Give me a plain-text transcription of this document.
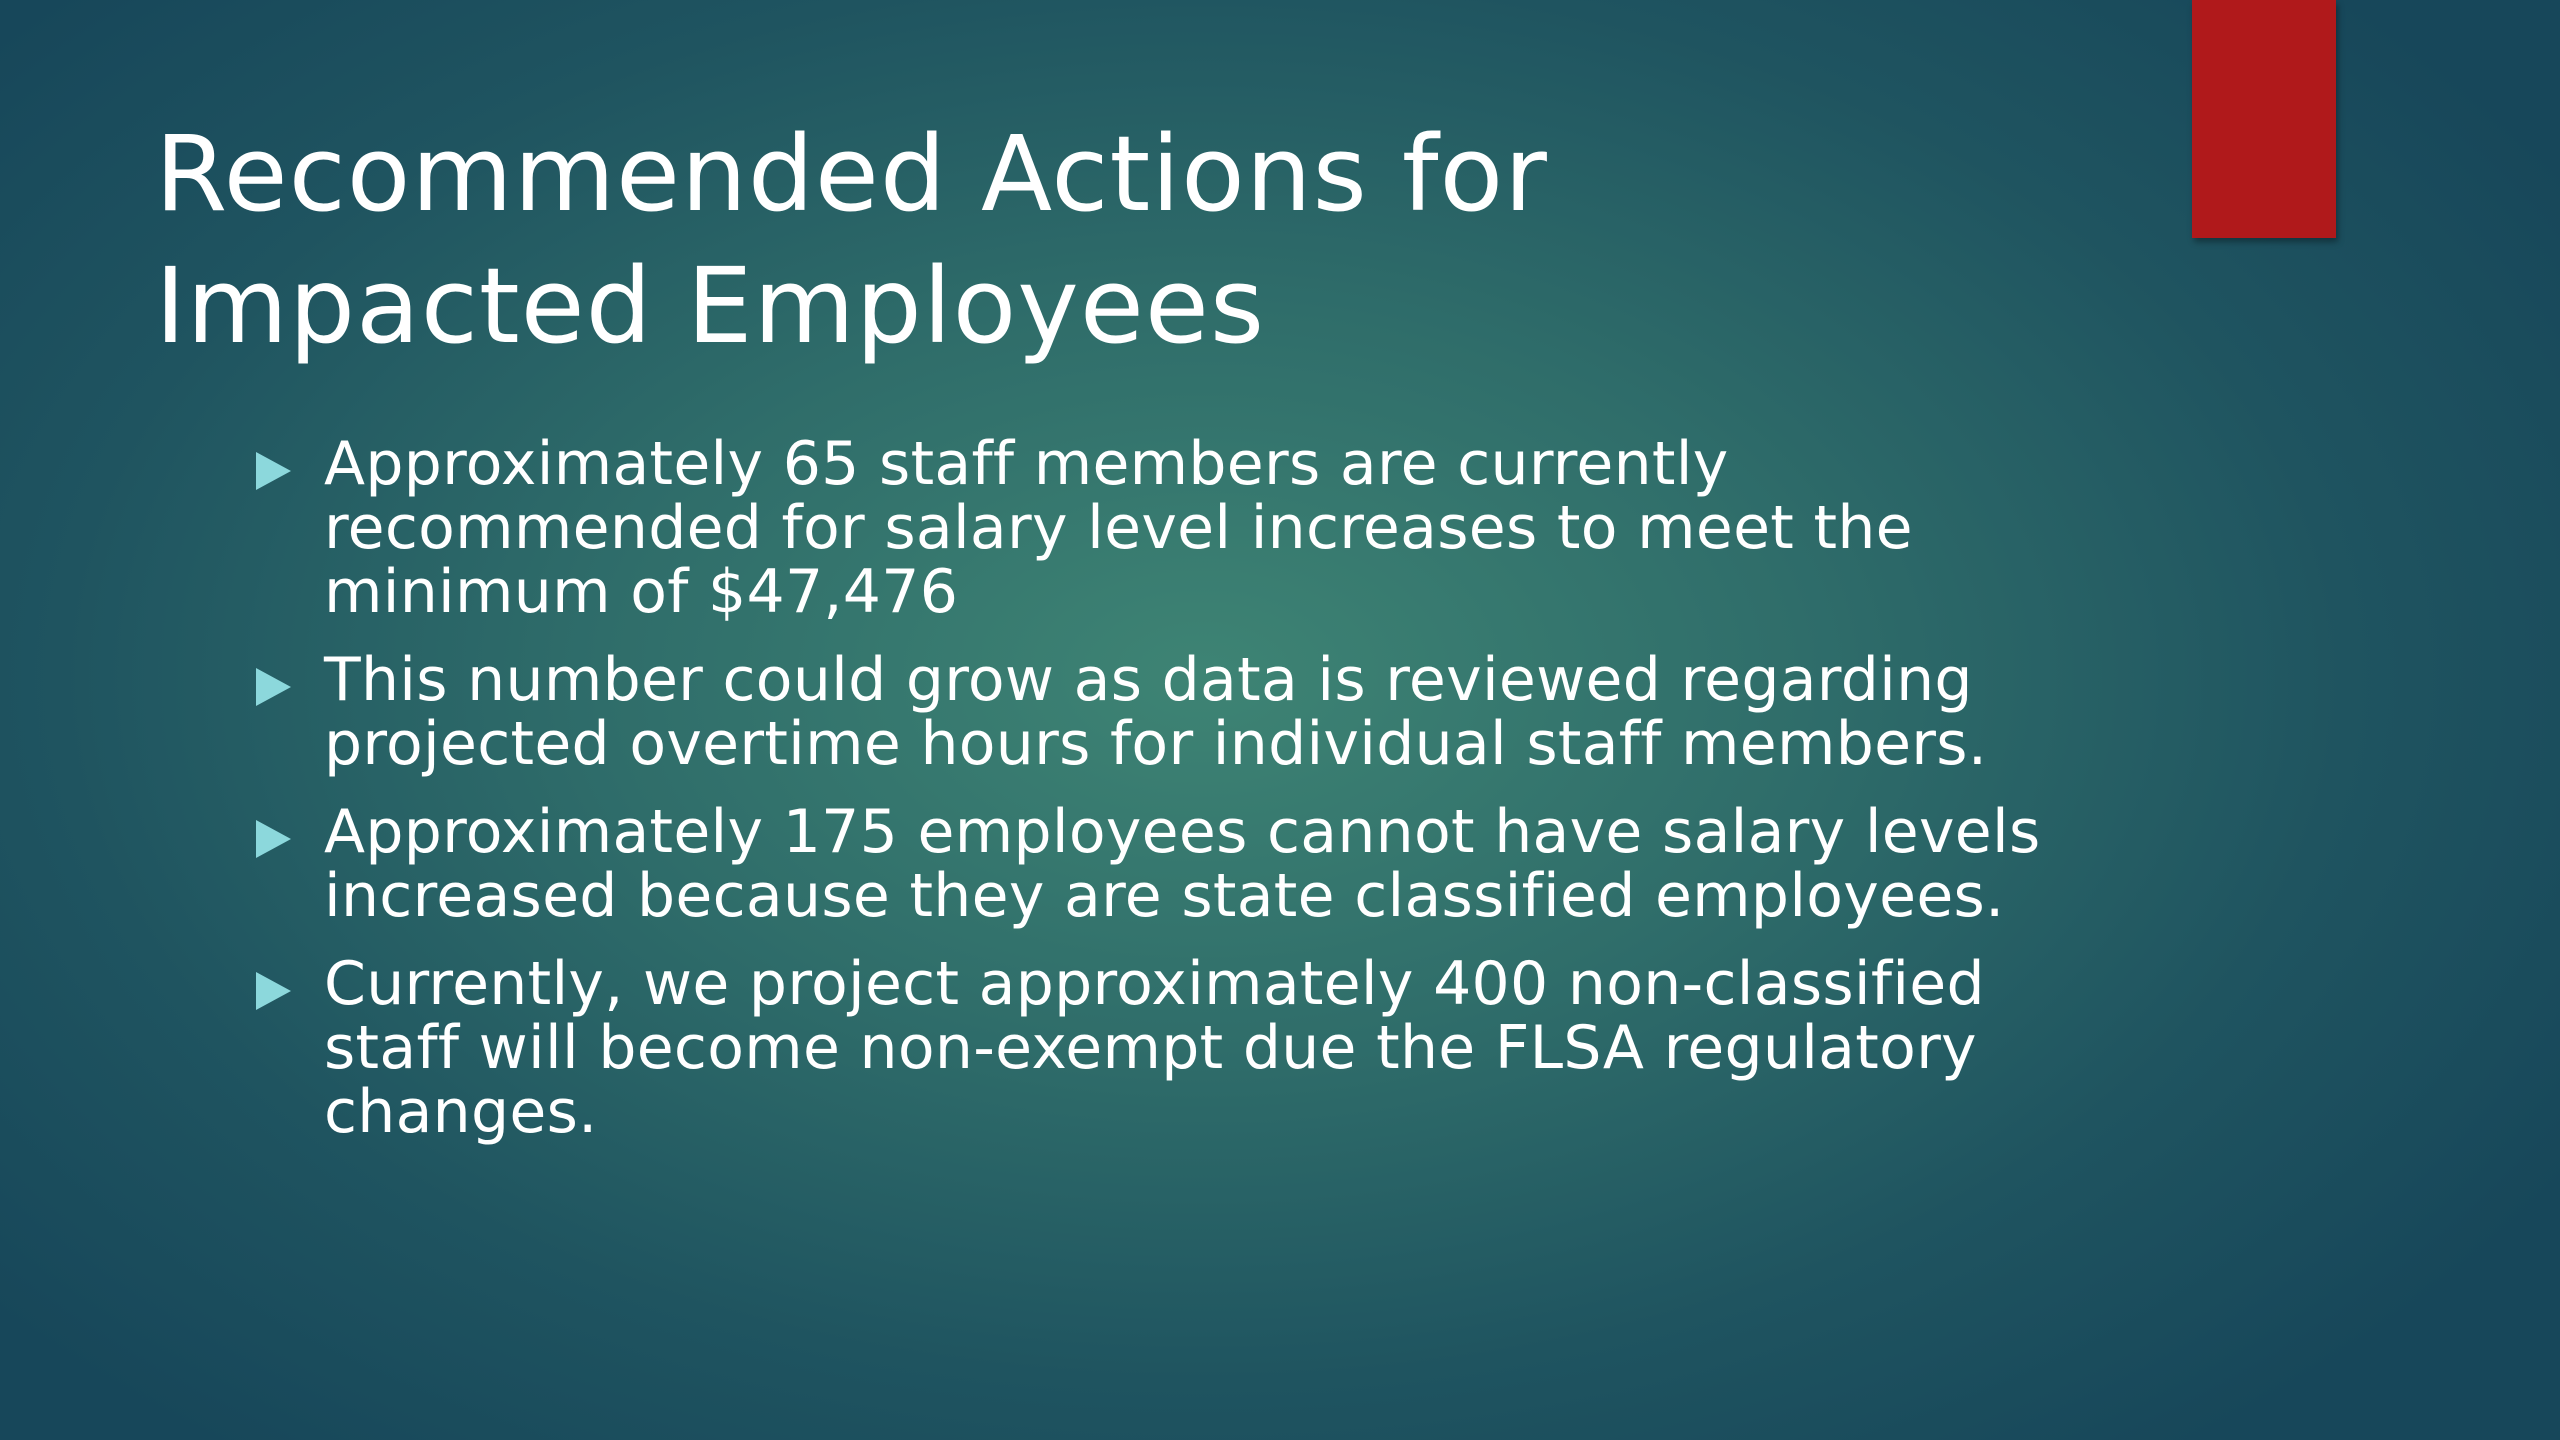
Recommended Actions for
Impacted Employees
Approximately 65 staff members are currently recommended for salary level increases to meet the minimum of $47,476
This number could grow as data is reviewed regarding projected overtime hours for individual staff members.
Approximately 175 employees cannot have salary levels increased because they are state classified employees.
Currently, we project approximately 400 non-classified staff will become non-exempt due the FLSA regulatory changes.
